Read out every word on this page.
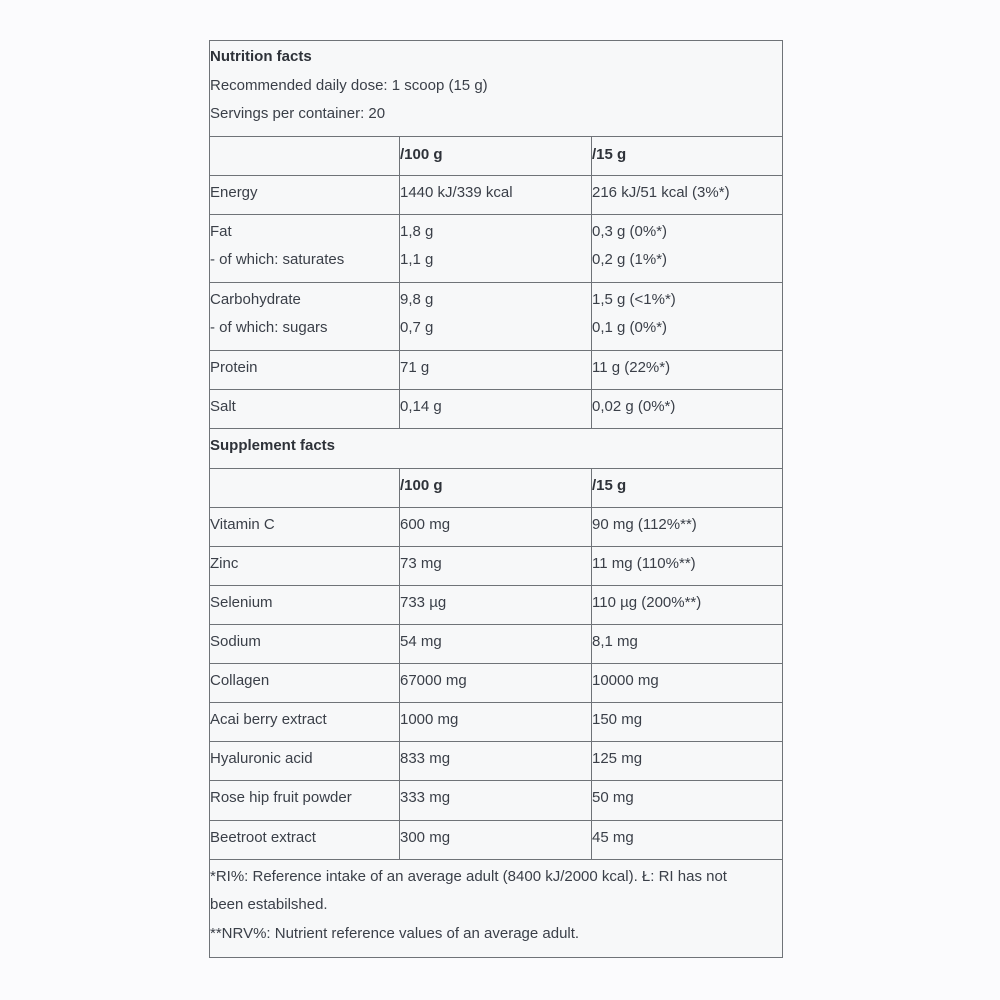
Nutrition facts
Recommended daily dose: 1 scoop (15 g)
Servings per container: 20
/100 g	/15 g
Energy	1440 kJ/339 kcal	216 kJ/51 kcal (3%*)
Fat	1,8 g	0,3 g (0%*)
- of which: saturates	1,1 g	0,2 g (1%*)
Carbohydrate	9,8 g	1,5 g (<1%*)
- of which: sugars	0,7 g	0,1 g (0%*)
Protein	71 g	11 g (22%*)
Salt	0,14 g	0,02 g (0%*)
Supplement facts
/100 g	/15 g
Vitamin C	600 mg	90 mg (112%**)
Zinc	73 mg	11 mg (110%**)
Selenium	733 µg	110 µg (200%**)
Sodium	54 mg	8,1 mg
Collagen	67000 mg	10000 mg
Acai berry extract	1000 mg	150 mg
Hyaluronic acid	833 mg	125 mg
Rose hip fruit powder	333 mg	50 mg
Beetroot extract	300 mg	45 mg
*RI%: Reference intake of an average adult (8400 kJ/2000 kcal). Ł: RI has not
been estabilshed.
**NRV%: Nutrient reference values of an average adult.
